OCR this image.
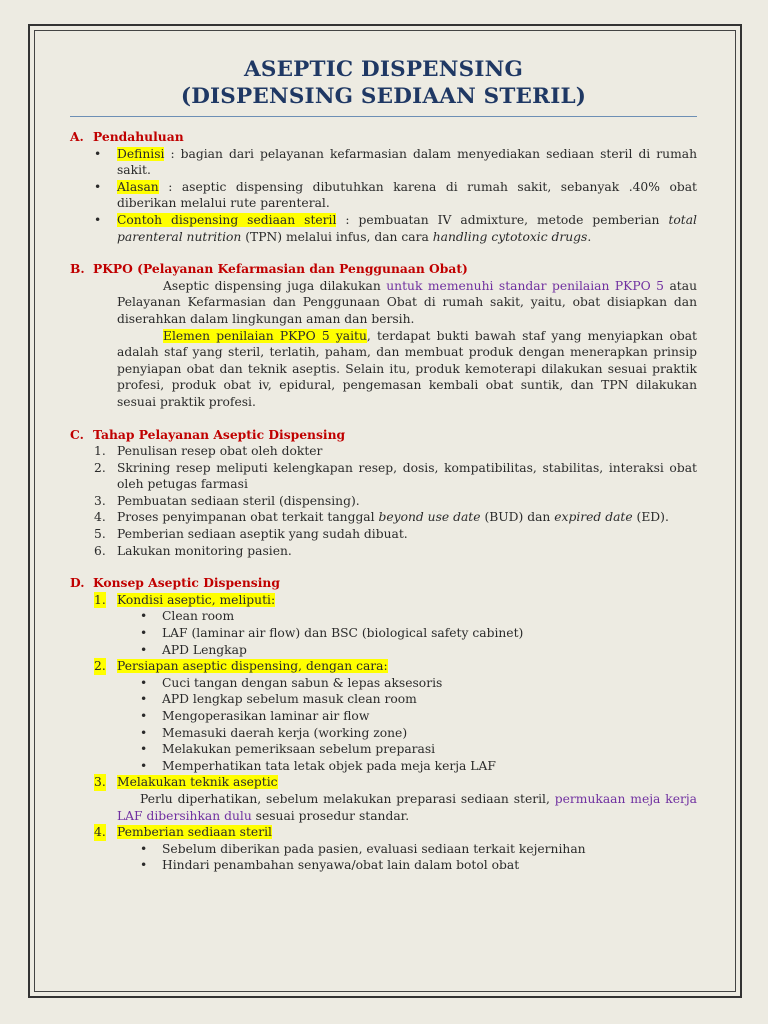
ASEPTIC DISPENSING
(DISPENSING SEDIAAN STERIL)
A. Pendahuluan
• Definisi : bagian dari pelayanan kefarmasian dalam menyediakan sediaan steril di rumah sakit.
• Alasan : aseptic dispensing dibutuhkan karena di rumah sakit, sebanyak .40% obat diberikan melalui rute parenteral.
• Contoh dispensing sediaan steril : pembuatan IV admixture, metode pemberian total parenteral nutrition (TPN) melalui infus, dan cara handling cytotoxic drugs.
B. PKPO (Pelayanan Kefarmasian dan Penggunaan Obat)
Aseptic dispensing juga dilakukan untuk memenuhi standar penilaian PKPO 5 atau Pelayanan Kefarmasian dan Penggunaan Obat di rumah sakit, yaitu, obat disiapkan dan diserahkan dalam lingkungan aman dan bersih.
Elemen penilaian PKPO 5 yaitu, terdapat bukti bawah staf yang menyiapkan obat adalah staf yang steril, terlatih, paham, dan membuat produk dengan menerapkan prinsip penyiapan obat dan teknik aseptis. Selain itu, produk kemoterapi dilakukan sesuai praktik profesi, produk obat iv, epidural, pengemasan kembali obat suntik, dan TPN dilakukan sesuai praktik profesi.
C. Tahap Pelayanan Aseptic Dispensing
1. Penulisan resep obat oleh dokter
2. Skrining resep meliputi kelengkapan resep, dosis, kompatibilitas, stabilitas, interaksi obat oleh petugas farmasi
3. Pembuatan sediaan steril (dispensing).
4. Proses penyimpanan obat terkait tanggal beyond use date (BUD) dan expired date (ED).
5. Pemberian sediaan aseptik yang sudah dibuat.
6. Lakukan monitoring pasien.
D. Konsep Aseptic Dispensing
1. Kondisi aseptic, meliputi:
• Clean room
• LAF (laminar air flow) dan BSC (biological safety cabinet)
• APD Lengkap
2. Persiapan aseptic dispensing, dengan cara:
• Cuci tangan dengan sabun & lepas aksesoris
• APD lengkap sebelum masuk clean room
• Mengoperasikan laminar air flow
• Memasuki daerah kerja (working zone)
• Melakukan pemeriksaan sebelum preparasi
• Memperhatikan tata letak objek pada meja kerja LAF
3. Melakukan teknik aseptic
Perlu diperhatikan, sebelum melakukan preparasi sediaan steril, permukaan meja kerja LAF dibersihkan dulu sesuai prosedur standar.
4. Pemberian sediaan steril
• Sebelum diberikan pada pasien, evaluasi sediaan terkait kejernihan
• Hindari penambahan senyawa/obat lain dalam botol obat
